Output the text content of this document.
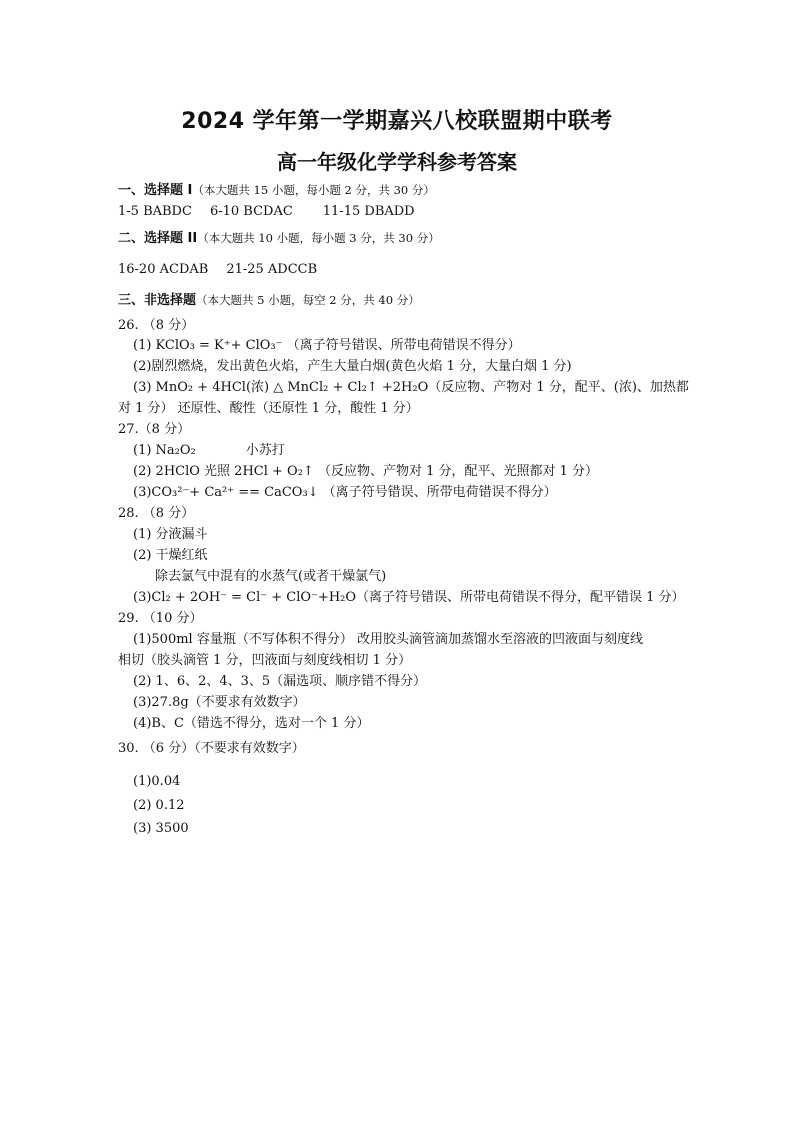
2024 学年第一学期嘉兴八校联盟期中联考
高一年级化学学科参考答案
一、选择题 I（本大题共 15 小题，每小题 2 分，共 30 分）
1-5 BABDC 6-10 BCDAC 11-15 DBADD
二、选择题 II（本大题共 10 小题，每小题 3 分，共 30 分）
16-20 ACDAB 21-25 ADCCB
三、非选择题（本大题共 5 小题，每空 2 分，共 40 分）
26. （8 分）
(1) KClO₃ = K⁺+ ClO₃⁻ （离子符号错误、所带电荷错误不得分）
(2)剧烈燃烧，发出黄色火焰，产生大量白烟(黄色火焰 1 分，大量白烟 1 分)
(3) MnO₂ + 4HCl(浓) △ MnCl₂ + Cl₂↑ +2H₂O（反应物、产物对 1 分，配平、(浓)、加热都
对 1 分） 还原性、酸性（还原性 1 分，酸性 1 分）
27.（8 分）
(1) Na₂O₂	小苏打
(2) 2HClO 光照 2HCl + O₂↑ （反应物、产物对 1 分，配平、光照都对 1 分）
(3)CO₃²⁻+ Ca²⁺ == CaCO₃↓ （离子符号错误、所带电荷错误不得分）
28. （8 分）
(1) 分液漏斗
(2) 干燥红纸
除去氯气中混有的水蒸气(或者干燥氯气)
(3)Cl₂ + 2OH⁻ = Cl⁻ + ClO⁻+H₂O（离子符号错误、所带电荷错误不得分，配平错误 1 分）
29. （10 分）
(1)500ml 容量瓶（不写体积不得分） 改用胶头滴管滴加蒸馏水至溶液的凹液面与刻度线
相切（胶头滴管 1 分，凹液面与刻度线相切 1 分）
(2) 1、6、2、4、3、5（漏选项、顺序错不得分）
(3)27.8g（不要求有效数字）
(4)B、C（错选不得分，选对一个 1 分）
30. （6 分）（不要求有效数字）
(1)0.04
(2) 0.12
(3) 3500
